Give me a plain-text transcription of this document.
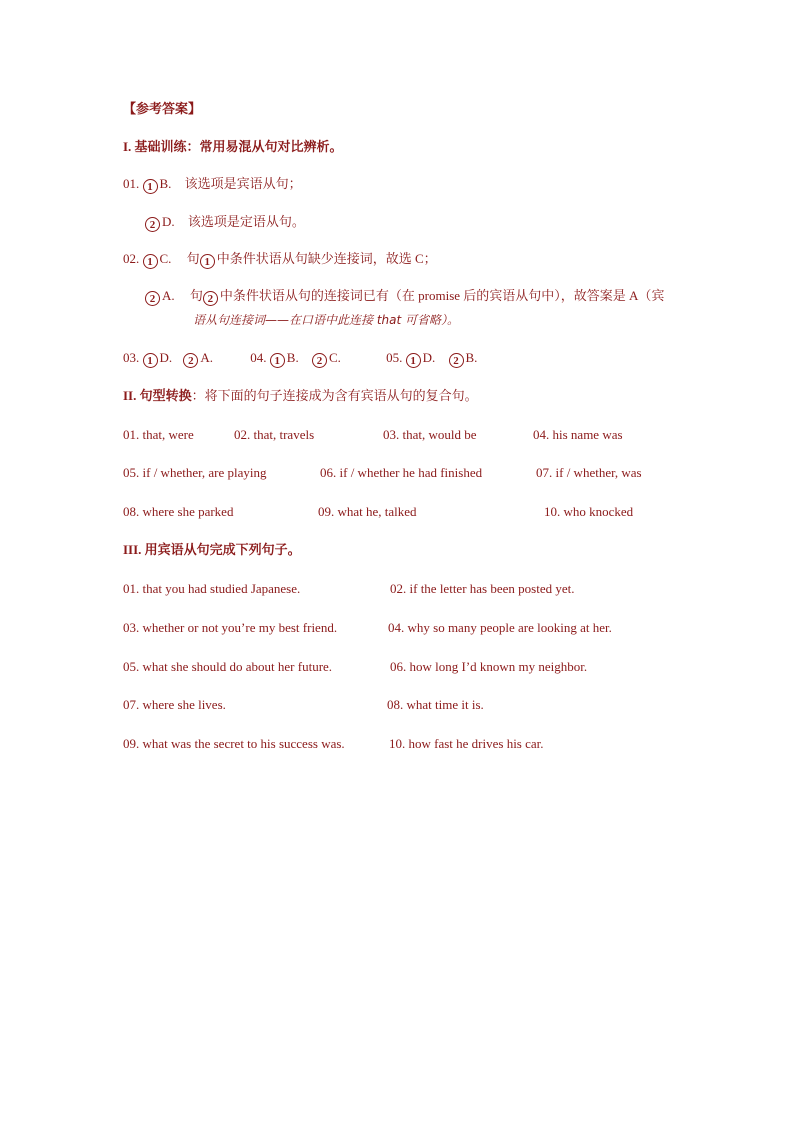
【参考答案】
I. 基础训练：常用易混从句对比辨析。
01. 1 B. 该选项是宾语从句；
2 D. 该选项是定语从句。
02. 1 C. 句 1 中条件状语从句缺少连接词，故选 C；
2 A. 句 2 中条件状语从句的连接词已有（在 promise 后的宾语从句中），故答案是 A（宾
语从句连接词——在口语中此连接 that 可省略）。
03. 1 D. 2 A.	04. 1 B. 2 C.	05. 1 D. 2 B.
II. 句型转换：将下面的句子连接成为含有宾语从句的复合句。
01. that, were	02. that, travels	03. that, would be	04. his name was
05. if / whether, are playing	06. if / whether he had finished	07. if / whether, was
08. where she parked	09. what he, talked	10. who knocked
III. 用宾语从句完成下列句子。
01. that you had studied Japanese.	02. if the letter has been posted yet.
03. whether or not you’re my best friend.	04. why so many people are looking at her.
05. what she should do about her future.	06. how long I’d known my neighbor.
07. where she lives.	08. what time it is.
09. what was the secret to his success was.	10. how fast he drives his car.
